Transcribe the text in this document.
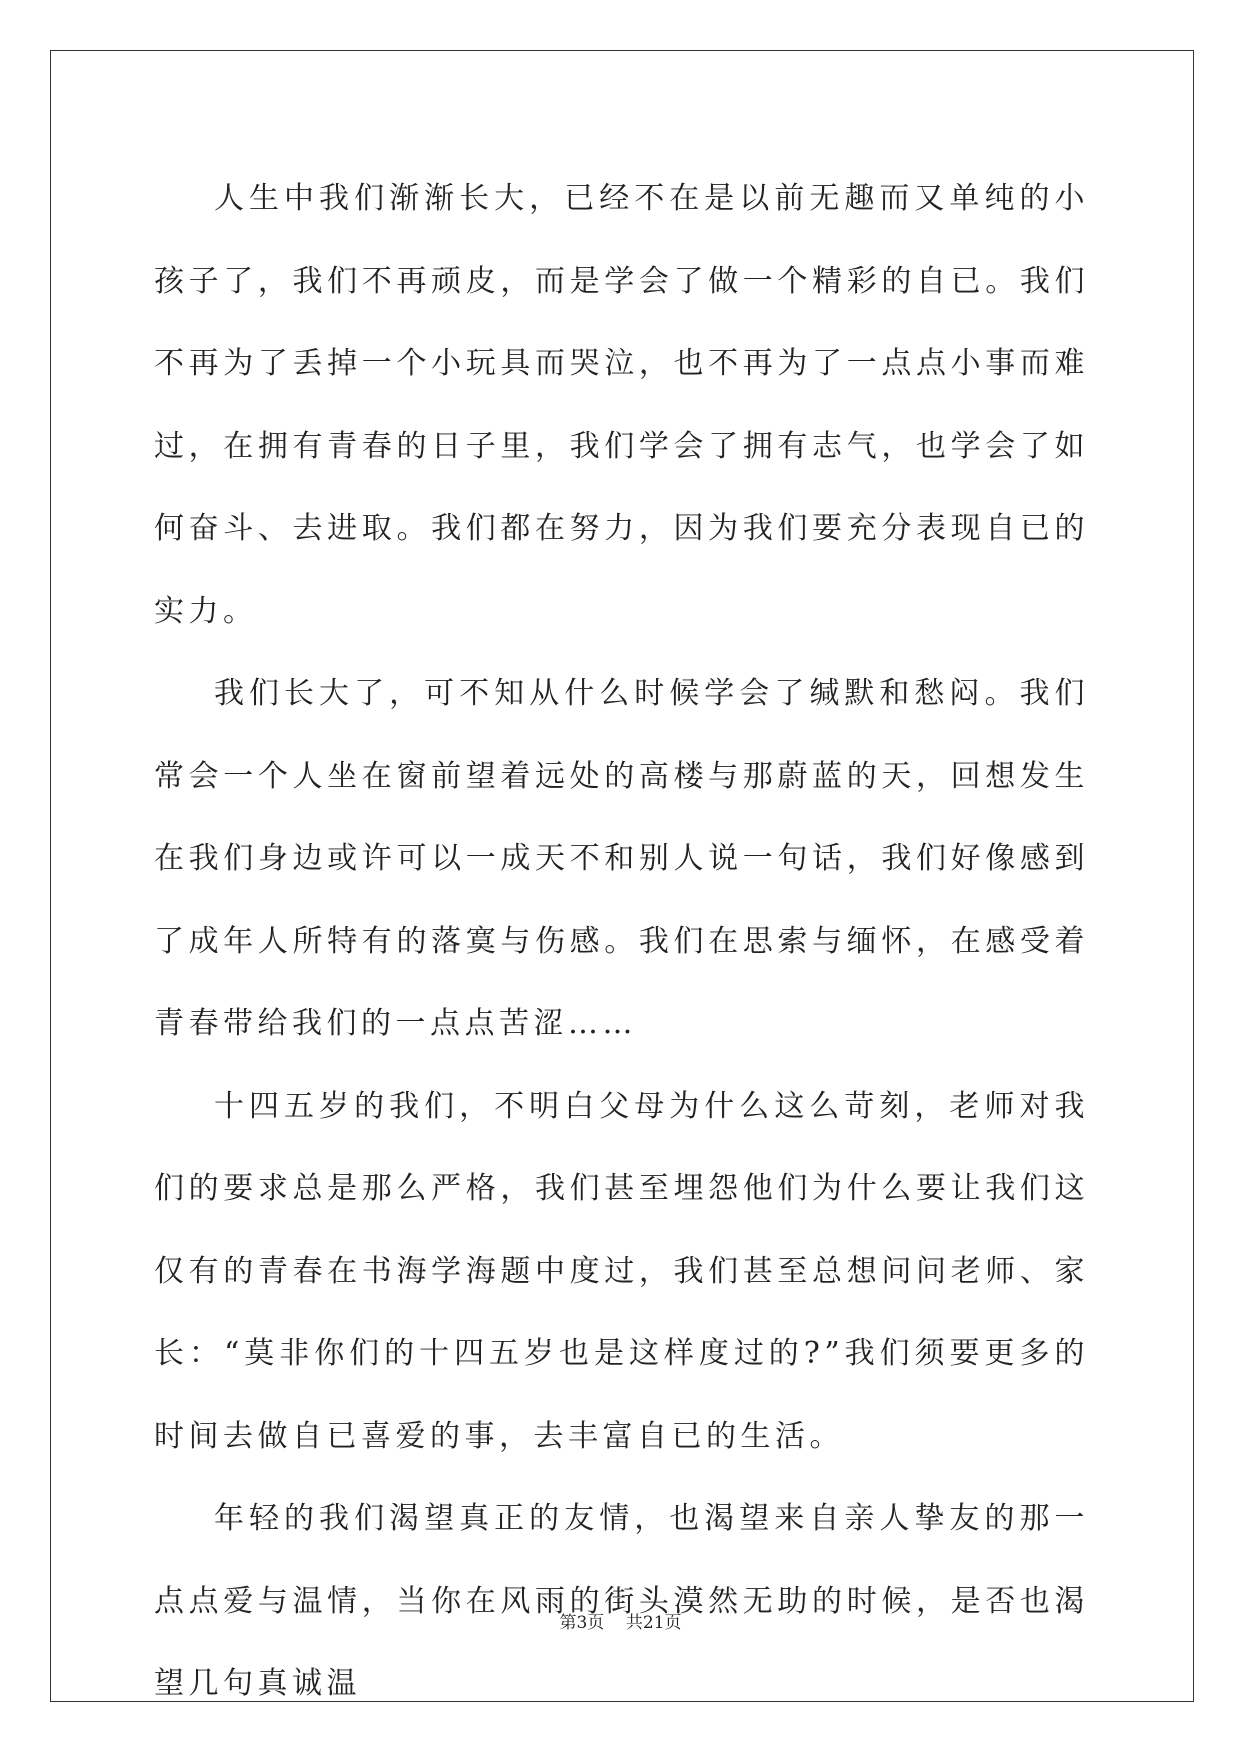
人生中我们渐渐长大，已经不在是以前无趣而又单纯的小孩子了，我们不再顽皮，而是学会了做一个精彩的自已。我们不再为了丢掉一个小玩具而哭泣，也不再为了一点点小事而难过，在拥有青春的日子里，我们学会了拥有志气，也学会了如何奋斗、去进取。我们都在努力，因为我们要充分表现自已的实力。

我们长大了，可不知从什么时候学会了缄默和愁闷。我们常会一个人坐在窗前望着远处的高楼与那蔚蓝的天，回想发生在我们身边或许可以一成天不和别人说一句话，我们好像感到了成年人所特有的落寞与伤感。我们在思索与缅怀，在感受着青春带给我们的一点点苦涩……

十四五岁的我们，不明白父母为什么这么苛刻，老师对我们的要求总是那么严格，我们甚至埋怨他们为什么要让我们这仅有的青春在书海学海题中度过，我们甚至总想问问老师、家长：“莫非你们的十四五岁也是这样度过的?”我们须要更多的时间去做自已喜爱的事，去丰富自已的生活。

年轻的我们渴望真正的友情，也渴望来自亲人挚友的那一点点爱与温情，当你在风雨的街头漠然无助的时候，是否也渴望几句真诚温

第3页 共21页
